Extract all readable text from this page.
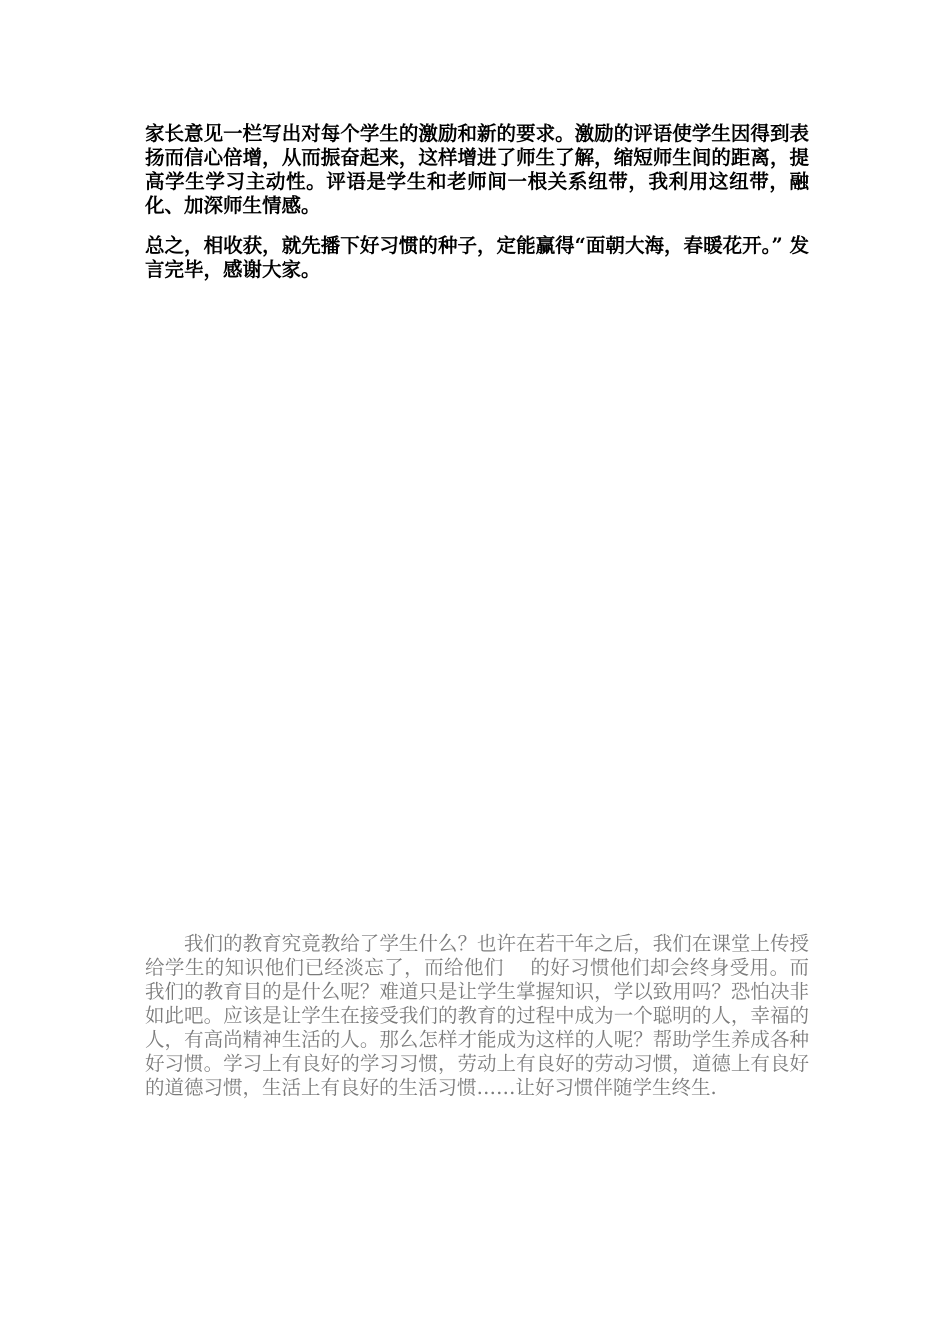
家长意见一栏写出对每个学生的激励和新的要求。激励的评语使学生因得到表扬而信心倍增，从而振奋起来，这样增进了师生了解，缩短师生间的距离，提高学生学习主动性。评语是学生和老师间一根关系纽带，我利用这纽带，融化、加深师生情感。

总之，相收获，就先播下好习惯的种子，定能赢得“面朝大海，春暖花开。” 发言完毕，感谢大家。

我们的教育究竟教给了学生什么？也许在若干年之后，我们在课堂上传授给学生的知识他们已经淡忘了，而给他们    的好习惯他们却会终身受用。而我们的教育目的是什么呢？难道只是让学生掌握知识，学以致用吗？恐怕决非如此吧。应该是让学生在接受我们的教育的过程中成为一个聪明的人，幸福的人，有高尚精神生活的人。那么怎样才能成为这样的人呢？帮助学生养成各种好习惯。学习上有良好的学习习惯，劳动上有良好的劳动习惯，道德上有良好的道德习惯，生活上有良好的生活习惯……让好习惯伴随学生终生.
